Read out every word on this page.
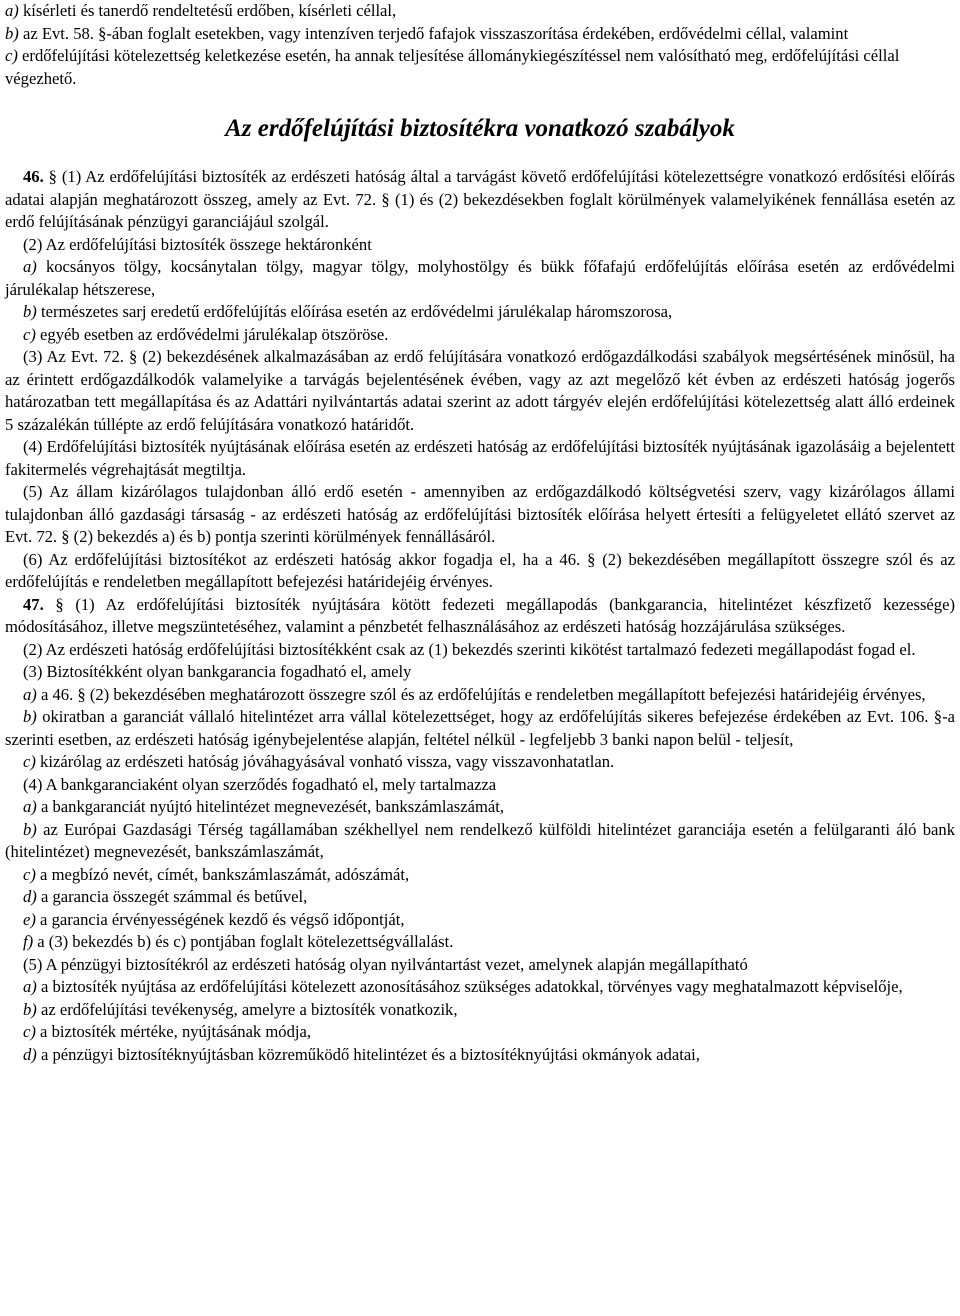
a) kísérleti és tanerdő rendeltetésű erdőben, kísérleti céllal,

b) az Evt. 58. §-ában foglalt esetekben, vagy intenzíven terjedő fafajok visszaszorítása érdekében, erdővédelmi céllal, valamint

c) erdőfelújítási kötelezettség keletkezése esetén, ha annak teljesítése állománykiegészítéssel nem valósítható meg, erdőfelújítási céllal

végezhető.

Az erdőfelújítási biztosítékra vonatkozó szabályok

46. § (1) Az erdőfelújítási biztosíték az erdészeti hatóság által a tarvágást követő erdőfelújítási kötelezettségre vonatkozó erdősítési előírás adatai alapján meghatározott összeg, amely az Evt. 72. § (1) és (2) bekezdésekben foglalt körülmények valamelyikének fennállása esetén az erdő felújításának pénzügyi garanciájául szolgál.

(2) Az erdőfelújítási biztosíték összege hektáronként

a) kocsányos tölgy, kocsánytalan tölgy, magyar tölgy, molyhostölgy és bükk főfafajú erdőfelújítás előírása esetén az erdővédelmi járulékalap hétszerese,

b) természetes sarj eredetű erdőfelújítás előírása esetén az erdővédelmi járulékalap háromszorosa,

c) egyéb esetben az erdővédelmi járulékalap ötszöröse.

(3) Az Evt. 72. § (2) bekezdésének alkalmazásában az erdő felújítására vonatkozó erdőgazdálkodási szabályok megsértésének minősül, ha az érintett erdőgazdálkodók valamelyike a tarvágás bejelentésének évében, vagy az azt megelőző két évben az erdészeti hatóság jogerős határozatban tett megállapítása és az Adattári nyilvántartás adatai szerint az adott tárgyév elején erdőfelújítási kötelezettség alatt álló erdeinek 5 százalékán túllépte az erdő felújítására vonatkozó határidőt.

(4) Erdőfelújítási biztosíték nyújtásának előírása esetén az erdészeti hatóság az erdőfelújítási biztosíték nyújtásának igazolásáig a bejelentett fakitermelés végrehajtását megtiltja.

(5) Az állam kizárólagos tulajdonban álló erdő esetén - amennyiben az erdőgazdálkodó költségvetési szerv, vagy kizárólagos állami tulajdonban álló gazdasági társaság - az erdészeti hatóság az erdőfelújítási biztosíték előírása helyett értesíti a felügyeletet ellátó szervet az Evt. 72. § (2) bekezdés a) és b) pontja szerinti körülmények fennállásáról.

(6) Az erdőfelújítási biztosítékot az erdészeti hatóság akkor fogadja el, ha a 46. § (2) bekezdésében megállapított összegre szól és az erdőfelújítás e rendeletben megállapított befejezési határidejéig érvényes.

47. § (1) Az erdőfelújítási biztosíték nyújtására kötött fedezeti megállapodás (bankgarancia, hitelintézet készfizető kezessége) módosításához, illetve megszüntetéséhez, valamint a pénzbetét felhasználásához az erdészeti hatóság hozzájárulása szükséges.

(2) Az erdészeti hatóság erdőfelújítási biztosítékként csak az (1) bekezdés szerinti kikötést tartalmazó fedezeti megállapodást fogad el.

(3) Biztosítékként olyan bankgarancia fogadható el, amely

a) a 46. § (2) bekezdésében meghatározott összegre szól és az erdőfelújítás e rendeletben megállapított befejezési határidejéig érvényes,

b) okiratban a garanciát vállaló hitelintézet arra vállal kötelezettséget, hogy az erdőfelújítás sikeres befejezése érdekében az Evt. 106. §-a szerinti esetben, az erdészeti hatóság igénybejelentése alapján, feltétel nélkül - legfeljebb 3 banki napon belül - teljesít,

c) kizárólag az erdészeti hatóság jóváhagyásával vonható vissza, vagy visszavonhatatlan.

(4) A bankgaranciaként olyan szerződés fogadható el, mely tartalmazza

a) a bankgaranciát nyújtó hitelintézet megnevezését, bankszámlaszámát,

b) az Európai Gazdasági Térség tagállamában székhellyel nem rendelkező külföldi hitelintézet garanciája esetén a felülgaranti áló bank (hitelintézet) megnevezését, bankszámlaszámát,

c) a megbízó nevét, címét, bankszámlaszámát, adószámát,

d) a garancia összegét számmal és betűvel,

e) a garancia érvényességének kezdő és végső időpontját,

f) a (3) bekezdés b) és c) pontjában foglalt kötelezettségvállalást.

(5) A pénzügyi biztosítékról az erdészeti hatóság olyan nyilvántartást vezet, amelynek alapján megállapítható

a) a biztosíték nyújtása az erdőfelújítási kötelezett azonosításához szükséges adatokkal, törvényes vagy meghatalmazott képviselője,

b) az erdőfelújítási tevékenység, amelyre a biztosíték vonatkozik,

c) a biztosíték mértéke, nyújtásának módja,

d) a pénzügyi biztosítéknyújtásban közreműködő hitelintézet és a biztosítéknyújtási okmányok adatai,
